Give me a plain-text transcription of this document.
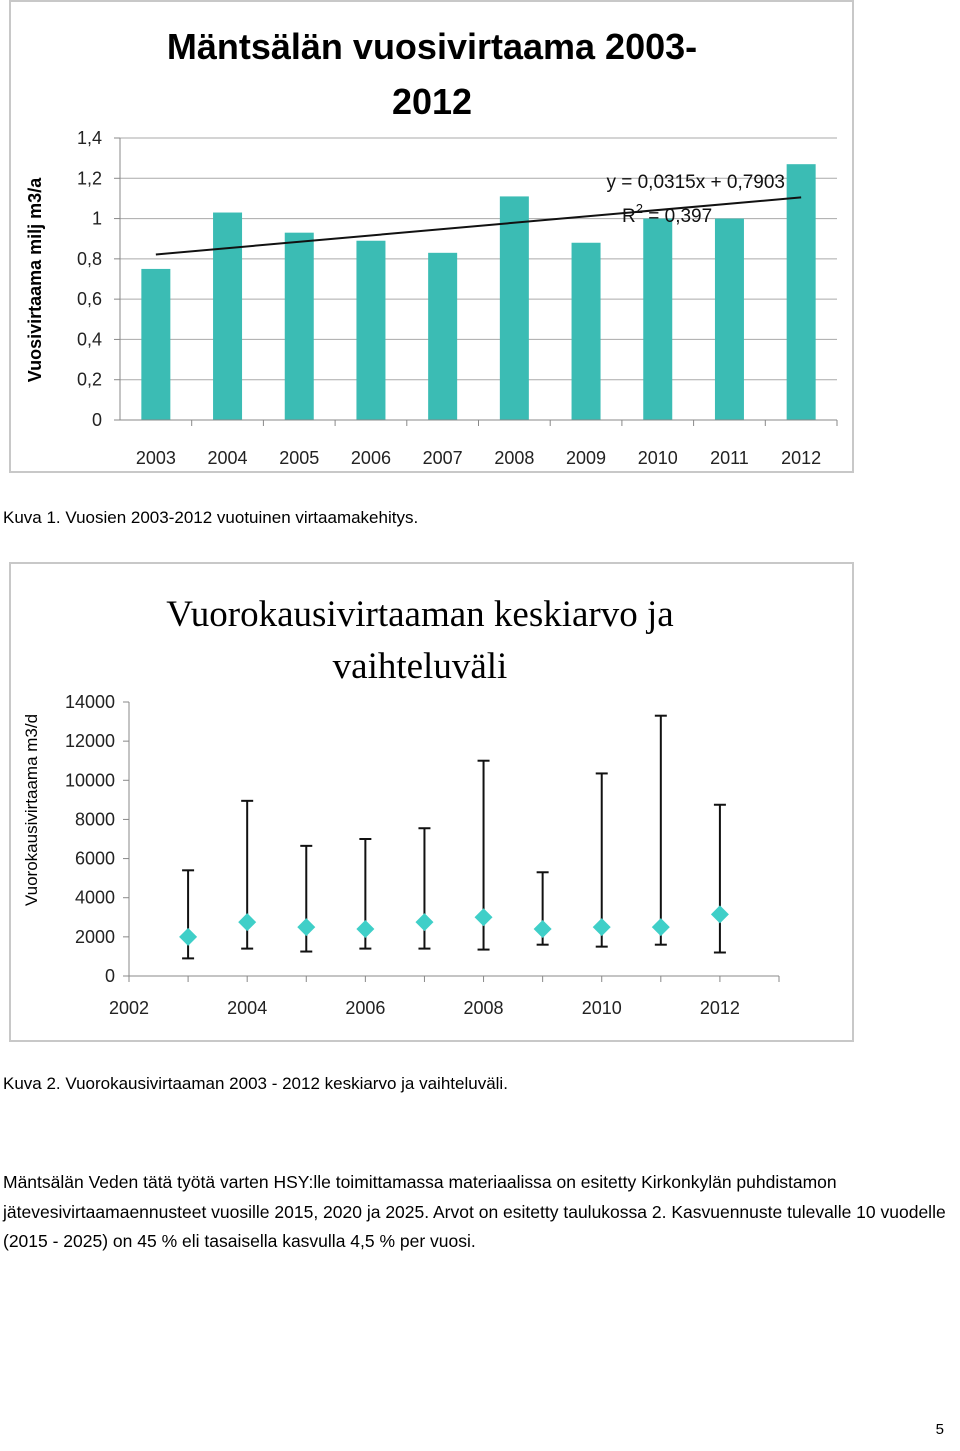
Mäntsälän vuosivirtaama 2003-
2012
Vuosivirtaama milj m3/a
0
0,2
0,4
0,6
0,8
1
1,2
1,4
2003 2004 2005 2006 2007 2008 2009 2010 2011 2012
y = 0,0315x + 0,7903
$R^2 = 0,397$
Kuva 1. Vuosien 2003-2012 vuotuinen virtaamakehitys.
Vuorokausivirtaaman keskiarvo ja
vaihteluväli
Vuorokausivirtaama m3/d
0
2000
4000
6000
8000
10000
12000
14000
2002	2004	2006	2008	2010	2012
Kuva 2. Vuorokausivirtaaman 2003 - 2012 keskiarvo ja vaihteluväli.
Mäntsälän Veden tätä työtä varten HSY:lle toimittamassa materiaalissa on esitetty Kirkonkylän puhdistamon jätevesivirtaamaennusteet vuosille 2015, 2020 ja 2025. Arvot on esitetty taulukossa 2. Kasvuennuste tulevalle 10 vuodelle (2015 - 2025) on 45 % eli tasaisella kasvulla 4,5 % per vuosi.
5
